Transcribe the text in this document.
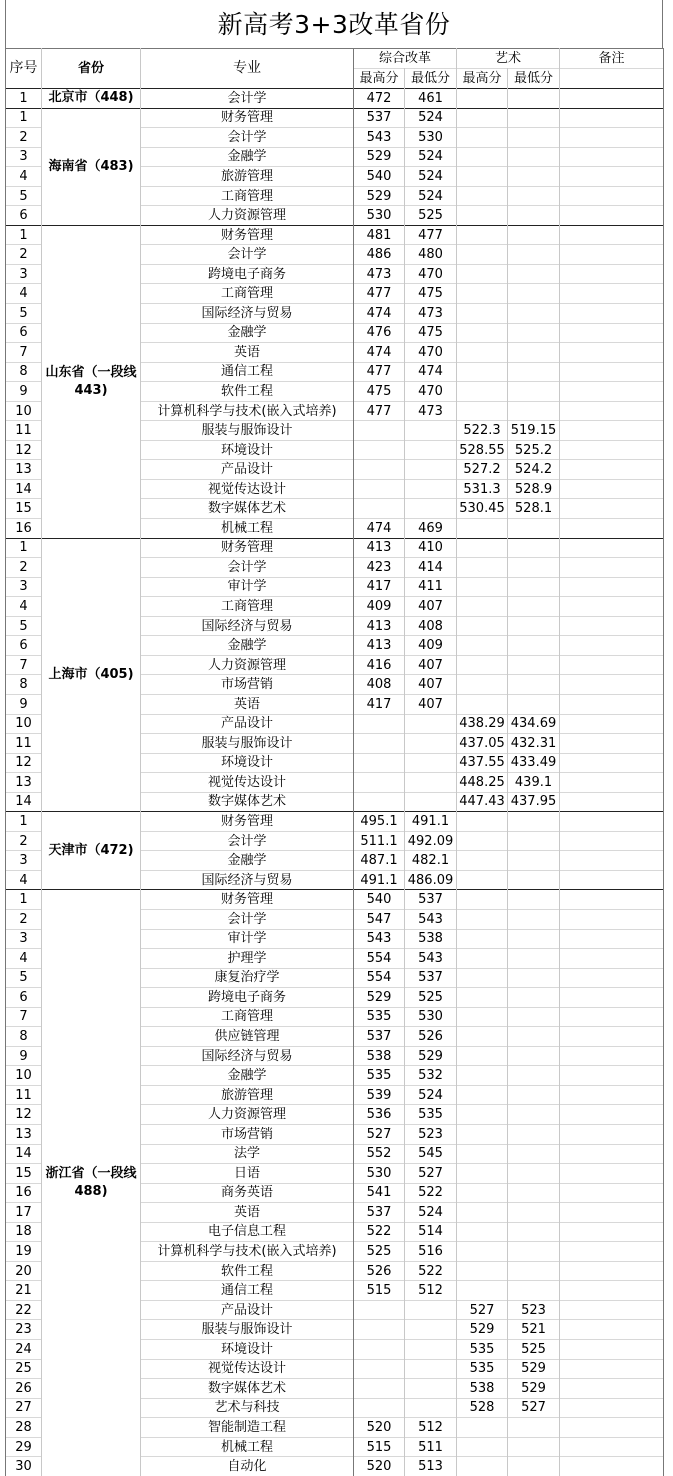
新高考3+3改革省份
序号	省份	专业	综合改革		艺术		备注
			最高分	最低分	最高分	最低分	
1	北京市（448)	会计学	472	461			
1	海南省（483)	财务管理	537	524			
2		会计学	543	530			
3		金融学	529	524			
4		旅游管理	540	524			
5		工商管理	529	524			
6		人力资源管理	530	525			
1	山东省（一段线443)	财务管理	481	477			
2		会计学	486	480			
3		跨境电子商务	473	470			
4		工商管理	477	475			
5		国际经济与贸易	474	473			
6		金融学	476	475			
7		英语	474	470			
8		通信工程	477	474			
9		软件工程	475	470			
10		计算机科学与技术(嵌入式培养)	477	473			
11		服装与服饰设计			522.3	519.15	
12		环境设计			528.55	525.2	
13		产品设计			527.2	524.2	
14		视觉传达设计			531.3	528.9	
15		数字媒体艺术			530.45	528.1	
16		机械工程	474	469			
1	上海市（405)	财务管理	413	410			
2		会计学	423	414			
3		审计学	417	411			
4		工商管理	409	407			
5		国际经济与贸易	413	408			
6		金融学	413	409			
7		人力资源管理	416	407			
8		市场营销	408	407			
9		英语	417	407			
10		产品设计			438.29	434.69	
11		服装与服饰设计			437.05	432.31	
12		环境设计			437.55	433.49	
13		视觉传达设计			448.25	439.1	
14		数字媒体艺术			447.43	437.95	
1	天津市（472)	财务管理	495.1	491.1			
2		会计学	511.1	492.09			
3		金融学	487.1	482.1			
4		国际经济与贸易	491.1	486.09			
1	浙江省（一段线488)	财务管理	540	537			
2		会计学	547	543			
3		审计学	543	538			
4		护理学	554	543			
5		康复治疗学	554	537			
6		跨境电子商务	529	525			
7		工商管理	535	530			
8		供应链管理	537	526			
9		国际经济与贸易	538	529			
10		金融学	535	532			
11		旅游管理	539	524			
12		人力资源管理	536	535			
13		市场营销	527	523			
14		法学	552	545			
15		日语	530	527			
16		商务英语	541	522			
17		英语	537	524			
18		电子信息工程	522	514			
19		计算机科学与技术(嵌入式培养)	525	516			
20		软件工程	526	522			
21		通信工程	515	512			
22		产品设计			527	523	
23		服装与服饰设计			529	521	
24		环境设计			535	525	
25		视觉传达设计			535	529	
26		数字媒体艺术			538	529	
27		艺术与科技			528	527	
28		智能制造工程	520	512			
29		机械工程	515	511			
30		自动化	520	513			
